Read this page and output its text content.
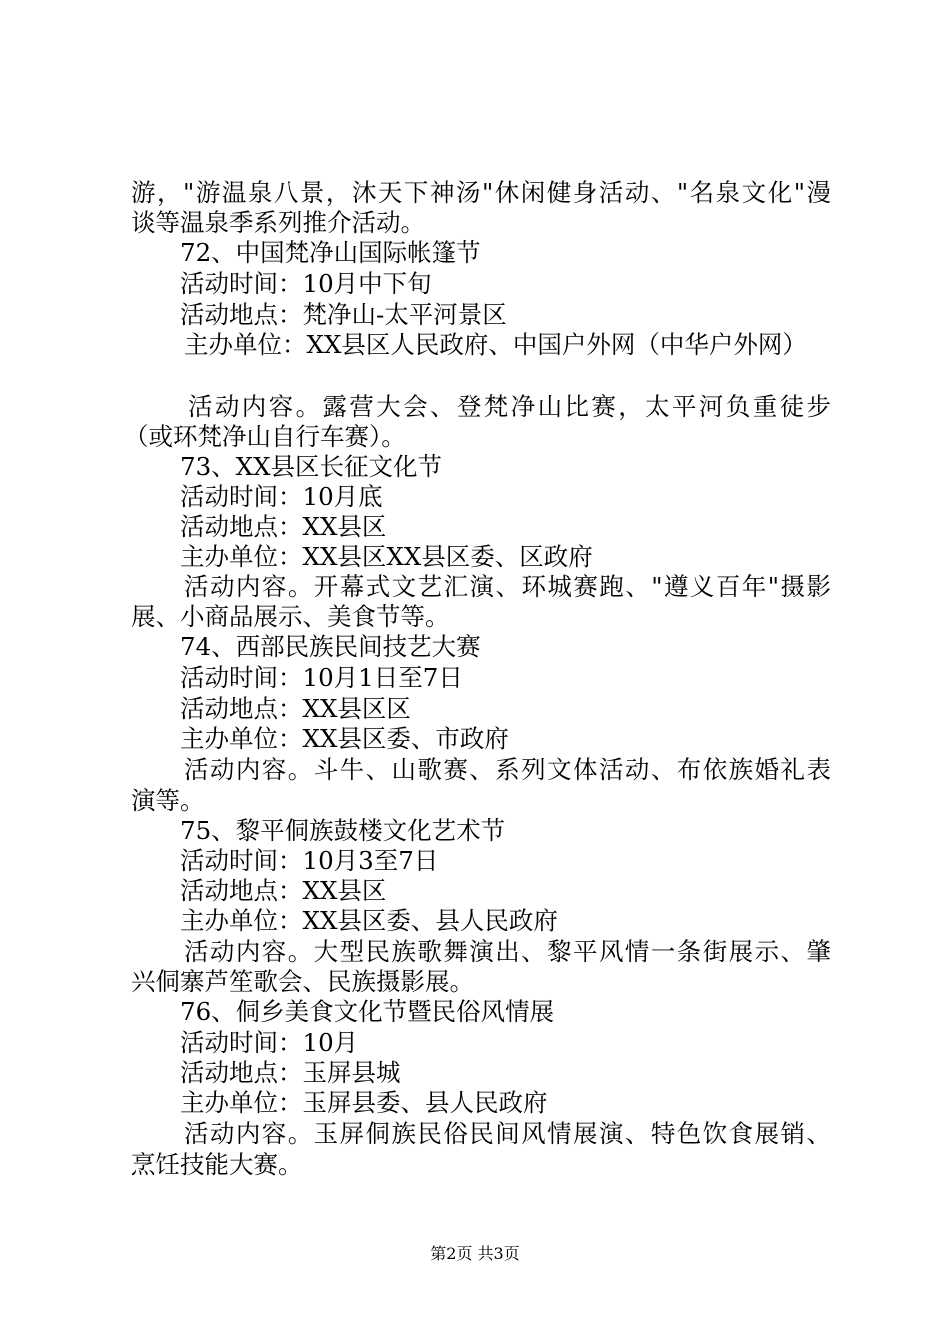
游，"游温泉八景，沐天下神汤"休闲健身活动、"名泉文化"漫
谈等温泉季系列推介活动。
72、中国梵净山国际帐篷节
活动时间：10月中下旬
活动地点：梵净山-太平河景区
主办单位：XX县区人民政府、中国户外网（中华户外网）
活动内容。露营大会、登梵净山比赛，太平河负重徒步
（或环梵净山自行车赛）。
73、XX县区长征文化节
活动时间：10月底
活动地点：XX县区
主办单位：XX县区XX县区委、区政府
活动内容。开幕式文艺汇演、环城赛跑、"遵义百年"摄影
展、小商品展示、美食节等。
74、西部民族民间技艺大赛
活动时间：10月1日至7日
活动地点：XX县区区
主办单位：XX县区委、市政府
活动内容。斗牛、山歌赛、系列文体活动、布依族婚礼表
演等。
75、黎平侗族鼓楼文化艺术节
活动时间：10月3至7日
活动地点：XX县区
主办单位：XX县区委、县人民政府
活动内容。大型民族歌舞演出、黎平风情一条街展示、肇
兴侗寨芦笙歌会、民族摄影展。
76、侗乡美食文化节暨民俗风情展
活动时间：10月
活动地点：玉屏县城
主办单位：玉屏县委、县人民政府
活动内容。玉屏侗族民俗民间风情展演、特色饮食展销、
烹饪技能大赛。
第2页 共3页
